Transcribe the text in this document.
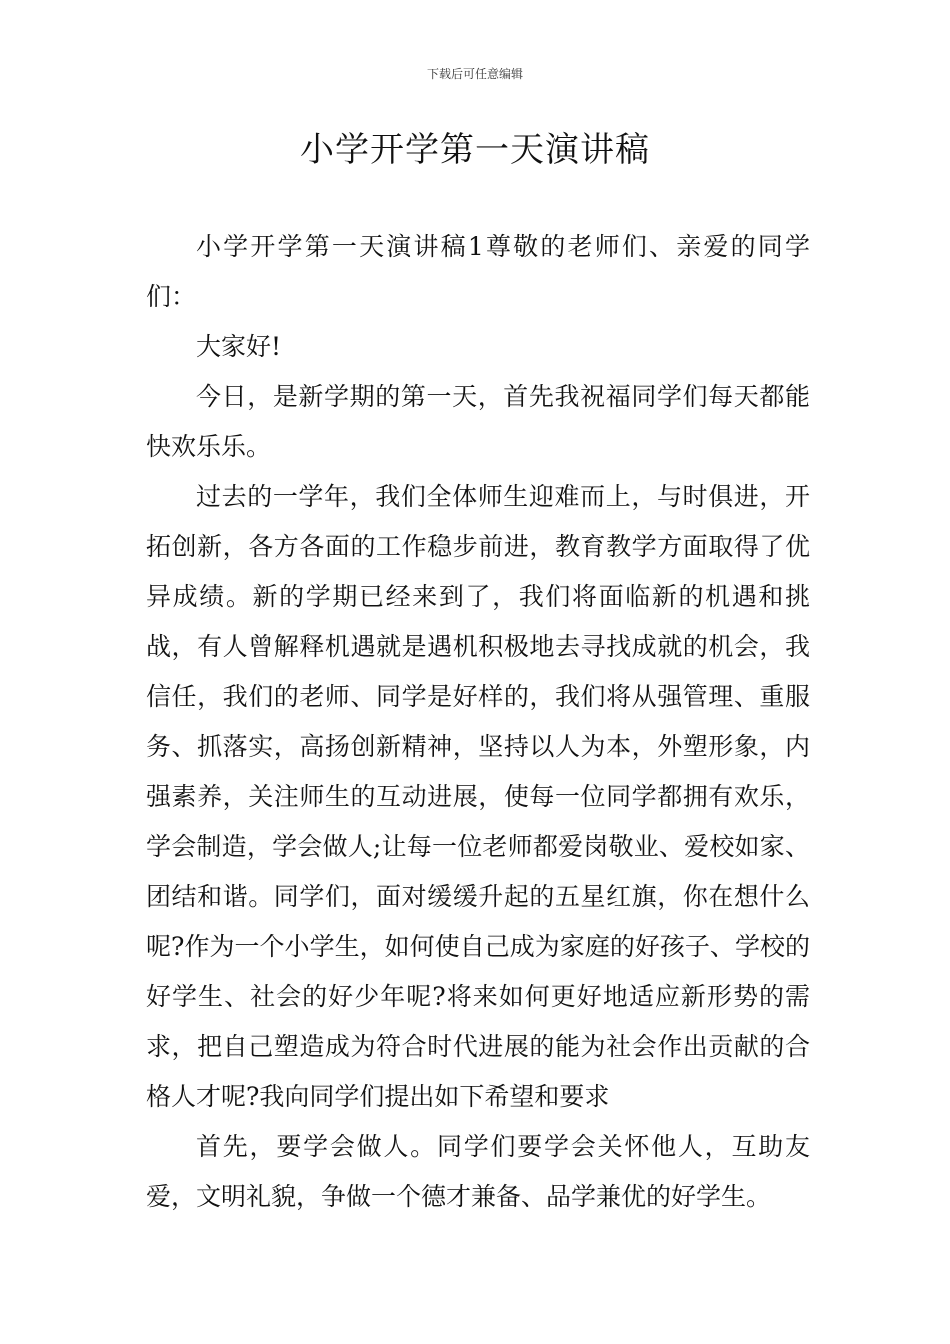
下载后可任意编辑
小学开学第一天演讲稿

小学开学第一天演讲稿1尊敬的老师们、亲爱的同学们：

大家好!

今日，是新学期的第一天，首先我祝福同学们每天都能快欢乐乐。

过去的一学年，我们全体师生迎难而上，与时俱进，开拓创新，各方各面的工作稳步前进，教育教学方面取得了优异成绩。新的学期已经来到了，我们将面临新的机遇和挑战，有人曾解释机遇就是遇机积极地去寻找成就的机会，我信任，我们的老师、同学是好样的，我们将从强管理、重服务、抓落实，高扬创新精神，坚持以人为本，外塑形象，内强素养，关注师生的互动进展，使每一位同学都拥有欢乐，学会制造，学会做人;让每一位老师都爱岗敬业、爱校如家、团结和谐。同学们，面对缓缓升起的五星红旗，你在想什么呢?作为一个小学生，如何使自己成为家庭的好孩子、学校的好学生、社会的好少年呢?将来如何更好地适应新形势的需求，把自己塑造成为符合时代进展的能为社会作出贡献的合格人才呢?我向同学们提出如下希望和要求

首先，要学会做人。同学们要学会关怀他人，互助友爱，文明礼貌，争做一个德才兼备、品学兼优的好学生。
